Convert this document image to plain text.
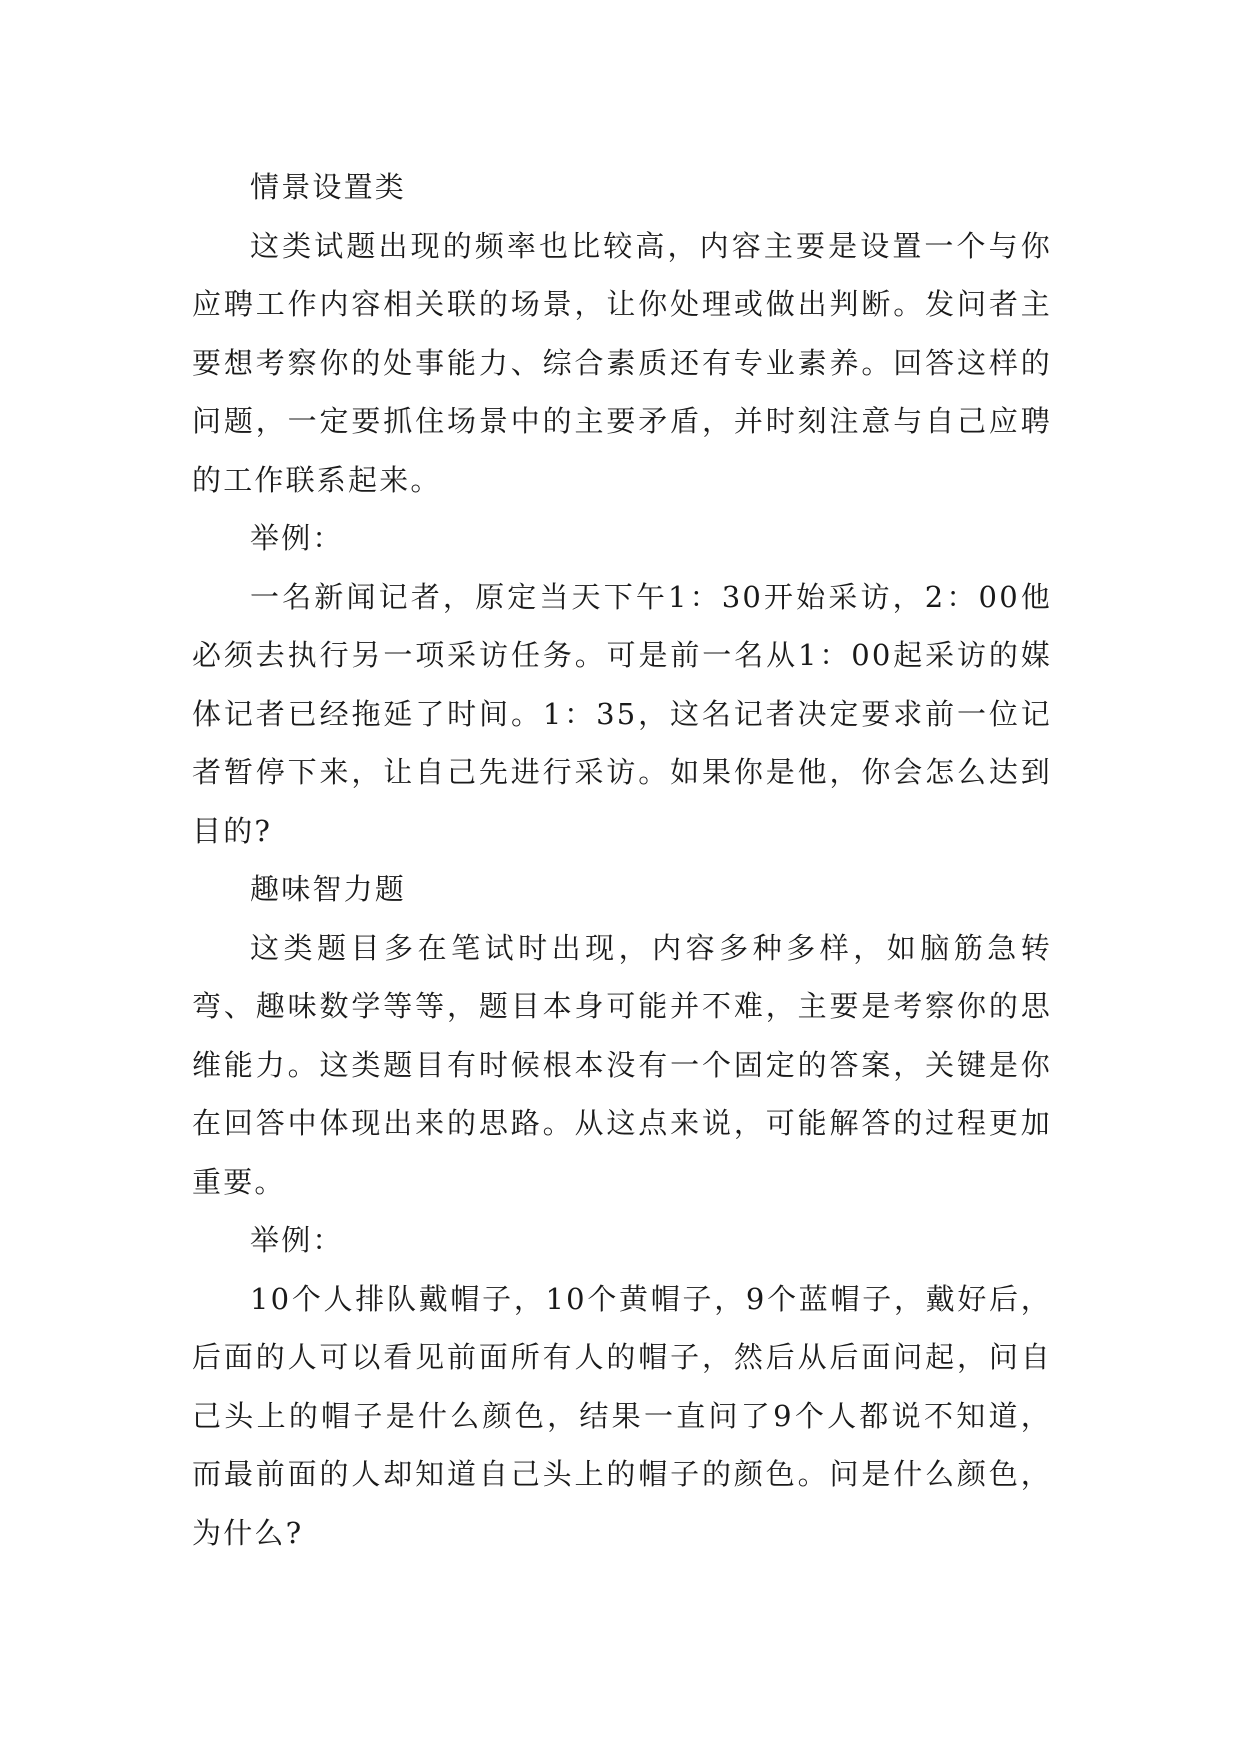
情景设置类

这类试题出现的频率也比较高，内容主要是设置一个与你应聘工作内容相关联的场景，让你处理或做出判断。发问者主要想考察你的处事能力、综合素质还有专业素养。回答这样的问题，一定要抓住场景中的主要矛盾，并时刻注意与自己应聘的工作联系起来。

举例：

一名新闻记者，原定当天下午1：30开始采访，2：00他必须去执行另一项采访任务。可是前一名从1：00起采访的媒体记者已经拖延了时间。1：35，这名记者决定要求前一位记者暂停下来，让自己先进行采访。如果你是他，你会怎么达到目的?

趣味智力题

这类题目多在笔试时出现，内容多种多样，如脑筋急转弯、趣味数学等等，题目本身可能并不难，主要是考察你的思维能力。这类题目有时候根本没有一个固定的答案，关键是你在回答中体现出来的思路。从这点来说，可能解答的过程更加重要。

举例：

10个人排队戴帽子，10个黄帽子，9个蓝帽子，戴好后，后面的人可以看见前面所有人的帽子，然后从后面问起，问自己头上的帽子是什么颜色，结果一直问了9个人都说不知道，而最前面的人却知道自己头上的帽子的颜色。问是什么颜色，为什么?
